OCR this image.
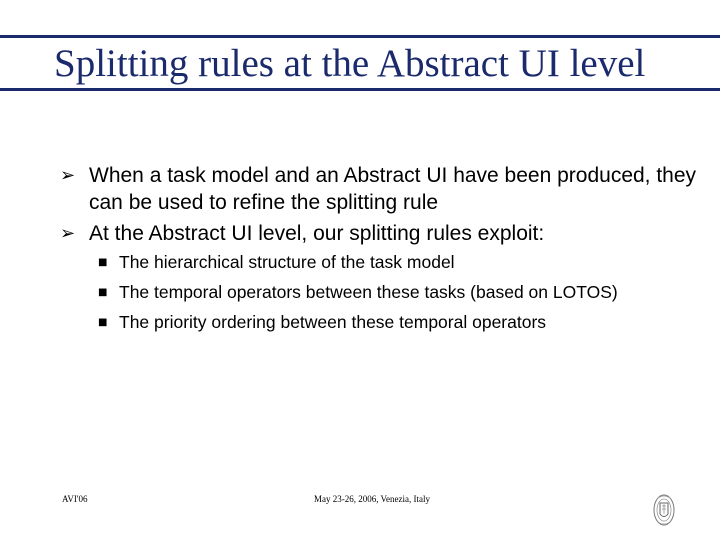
Splitting rules at the Abstract UI level
➢ When a task model and an Abstract UI have been produced, they can be used to refine the splitting rule
➢ At the Abstract UI level, our splitting rules exploit:
■ The hierarchical structure of the task model
■ The temporal operators between these tasks (based on LOTOS)
■ The priority ordering between these temporal operators
AVI'06	May 23-26, 2006, Venezia, Italy
